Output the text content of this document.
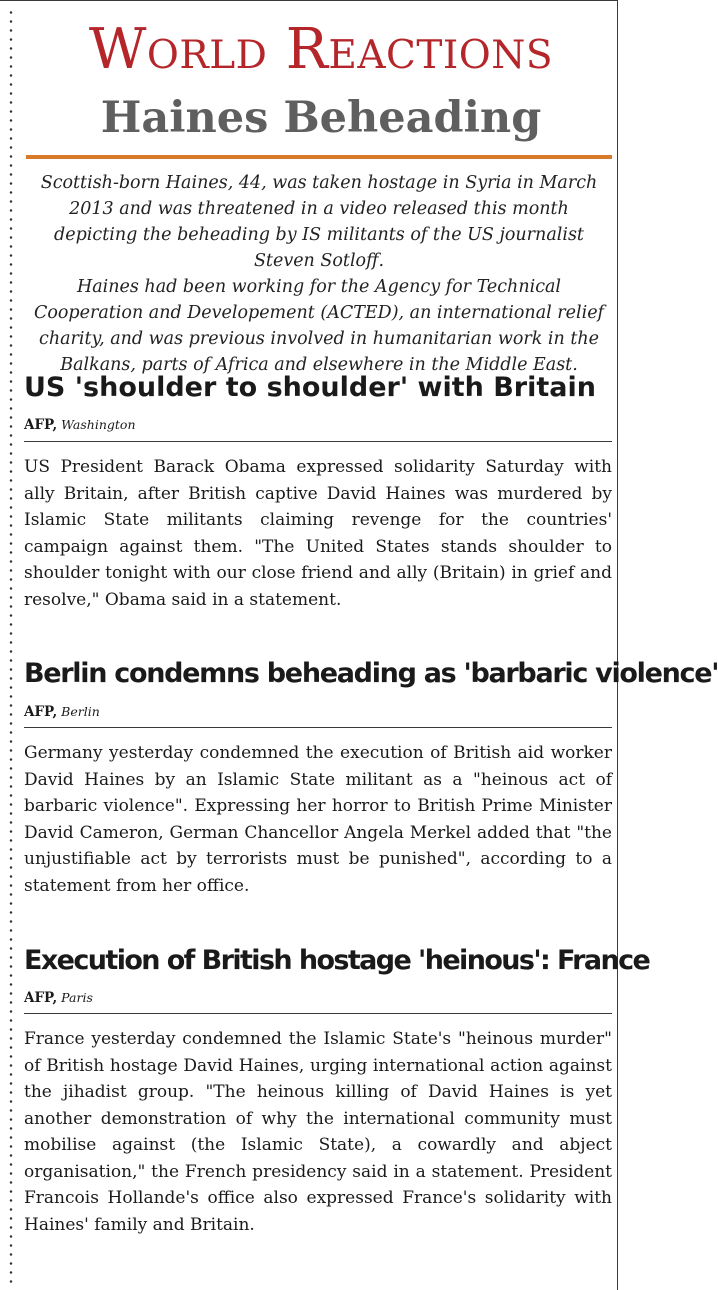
World Reactions
Haines Beheading

Scottish-born Haines, 44, was taken hostage in Syria in March 2013 and was threatened in a video released this month depicting the beheading by IS militants of the US journalist Steven Sotloff.

Haines had been working for the Agency for Technical Cooperation and Developement (ACTED), an international relief charity, and was previous involved in humanitarian work in the Balkans, parts of Africa and elsewhere in the Middle East.

US 'shoulder to shoulder' with Britain
AFP, Washington

US President Barack Obama expressed solidarity Saturday with ally Britain, after British captive David Haines was murdered by Islamic State militants claiming revenge for the countries' campaign against them. "The United States stands shoulder to shoulder tonight with our close friend and ally (Britain) in grief and resolve," Obama said in a statement.

Berlin condemns beheading as 'barbaric violence'
AFP, Berlin

Germany yesterday condemned the execution of British aid worker David Haines by an Islamic State militant as a "heinous act of barbaric violence". Expressing her horror to British Prime Minister David Cameron, German Chancellor Angela Merkel added that "the unjustifiable act by terrorists must be punished", according to a statement from her office.

Execution of British hostage 'heinous': France
AFP, Paris

France yesterday condemned the Islamic State's "heinous murder" of British hostage David Haines, urging international action against the jihadist group. "The heinous killing of David Haines is yet another demonstration of why the international community must mobilise against (the Islamic State), a cowardly and abject organisation," the French presidency said in a statement. President Francois Hollande's office also expressed France's solidarity with Haines' family and Britain.
